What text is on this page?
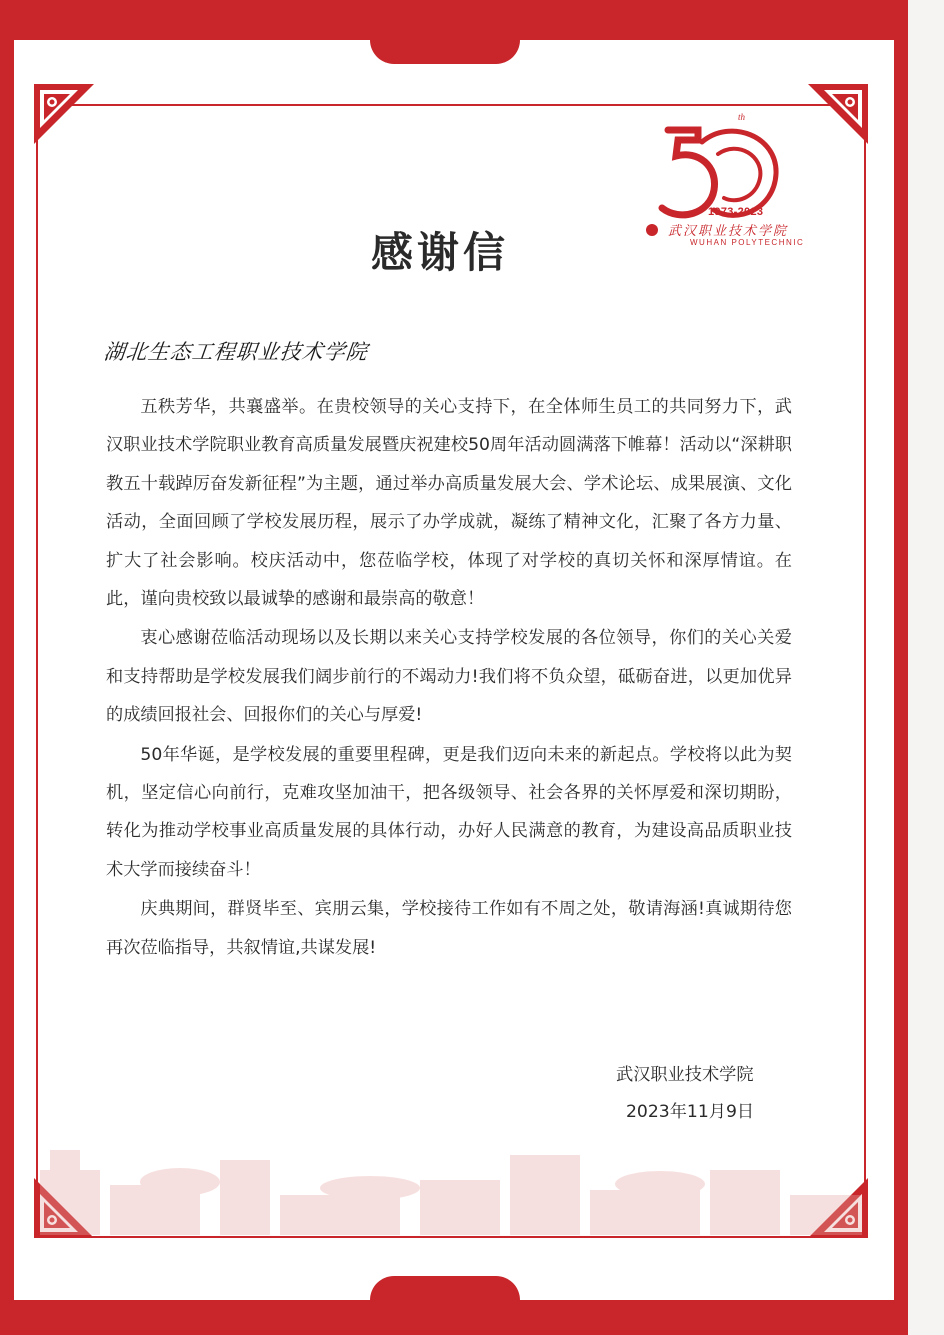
th
1973-2023
武汉职业技术学院
WUHAN POLYTECHNIC
感谢信
湖北生态工程职业技术学院

五秩芳华，共襄盛举。在贵校领导的关心支持下，在全体师生员工的共同努力下，武汉职业技术学院职业教育高质量发展暨庆祝建校50周年活动圆满落下帷幕！活动以“深耕职教五十载踔厉奋发新征程”为主题，通过举办高质量发展大会、学术论坛、成果展演、文化活动，全面回顾了学校发展历程，展示了办学成就，凝练了精神文化，汇聚了各方力量、扩大了社会影响。校庆活动中，您莅临学校，体现了对学校的真切关怀和深厚情谊。在此，谨向贵校致以最诚挚的感谢和最崇高的敬意！

衷心感谢莅临活动现场以及长期以来关心支持学校发展的各位领导，你们的关心关爱和支持帮助是学校发展我们阔步前行的不竭动力!我们将不负众望，砥砺奋进，以更加优异的成绩回报社会、回报你们的关心与厚爱!

50年华诞，是学校发展的重要里程碑，更是我们迈向未来的新起点。学校将以此为契机，坚定信心向前行，克难攻坚加油干，把各级领导、社会各界的关怀厚爱和深切期盼，转化为推动学校事业高质量发展的具体行动，办好人民满意的教育，为建设高品质职业技术大学而接续奋斗！

庆典期间，群贤毕至、宾朋云集，学校接待工作如有不周之处，敬请海涵!真诚期待您再次莅临指导，共叙情谊,共谋发展!

武汉职业技术学院
2023年11月9日
